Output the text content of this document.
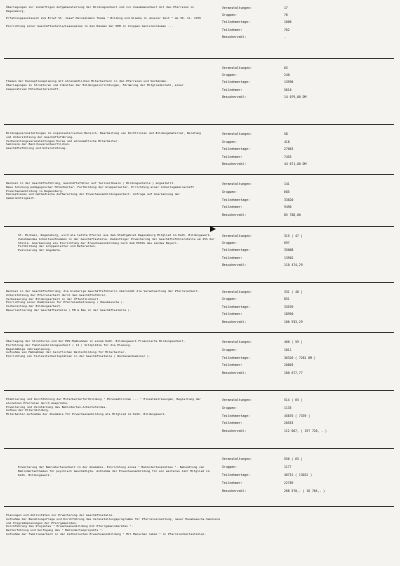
Überlegungen zur zukünftigen Aufgabenstellung der Bildungsarbeit und zur Zusammenarbeit mit den Pfarreien in Regensburg.

Erfahrungsaustausch zum Brief St. Josef Heinzelmann Thema " Bildung und Glaube in unserer Zeit " am 30. 11. 1976

Einrichtung einer Geschäftsstelle/Lesesaales in den Räumen der KEB in Gruppen-Seniorenräumen ...
Veranstaltungen:	17
Gruppen:	76
Teilnehmertage:	1006
Teilnehmer:	762
Besucherzahl:	-
Themen der Konzeptionsplanung mit ehrenamtlichen Mitarbeitern in den Pfarreien und Verbänden.
Überlegungen zu Strukturen und Inhalten der Bildungseinrichtungen, Förderung der Mitgliederzahl, einer kooperativen Mitarbeiterschaft.
Veranstaltungen:	65
Gruppen:	240
Teilnehmertage:	13996
Teilnehmer:	5616
Besucherzahl:	14 079,00 DM
Bildungsveranstaltungen im organisatorischen Bereich. Bearbeitung von Richtlinien und Bildungsmaterial, Beratung und Unterstützung der Geschäftsführung.
Vorbereitungsveranstaltungen Kurse und ehrenamtliche Mitarbeiter.
Seminare der Bezirksverantwortlichen.
Geschäftsführung und Unterstützung.
Veranstaltungen:	58
Gruppen:	418
Teilnehmertage:	27063
Teilnehmer:	7455
Besucherzahl:	44 671,00 DM
Wechsel in der Geschäftsführung, Geschäftsführer auf Teilzeitbasis ( Bildungsstelle ) angestellt.
Neue Schulung pädagogischer Mitarbeiter. Fortbildung der Gruppenleiter. Errichtung einer Arbeitsgemeinschaft Erwachsenenbildung in Regensburg.
Konzeptionen und methodische Aufbereitung der Erwachsenenbildungsarbeit. Anfrage auf Anerkennung der Gemeinnützigkeit.
Veranstaltungen:	141
Gruppen:	685
Teilnehmertage:	33820
Teilnehmer:	9496
Besucherzahl:	85 788,00
St. Michael, Regensburg, wird als letzte Pfarrei aus dem Stadtgebiet Regensburg Mitglied im Kath. Bildungswerk. Zunehmendes Arbeitsaufkommen in der Geschäftsstelle. Demzufolge: Erweiterung der Geschäftsführerstelle um 25% der Stelle. Anerkennung als Einrichtung der Erwachsenenbildung nach dem EbFöG des Landes Bayern.
Fortbildung der Gruppenleiter und Referenten.
Evaluierung der Angebote.
Veranstaltungen:	315 ( 47 )
Gruppen:	697
Teilnehmertage:	35068
Teilnehmer:	13902
Besucherzahl:	110 474,29
Wechsel in der Geschäftsführung; die bisherige Geschäftsführerin übernimmt die Verantwortung der Pfarreiarbeit.
Unterstützung der Pfarreiarbeit durch den Geschäftsführer.
Verbesserung der Bildungsarbeit in der Öffentlichkeit.
Einrichtung einer Kommission für Pfarreienbetreuung ( Hausbesuche ).
Vorbereitung der Bildungsarbeit.
Neuorientierung der Geschäftsstelle ( EB & Bau in der Geschäftsstelle ).
Veranstaltungen:	331 ( 48 )
Gruppen:	851
Teilnehmertage:	33539
Teilnehmer:	18950
Besucherzahl:	106 933,29
Überlegung der Strukturen und der EDV-Maßnahmen in einem Kath. Bildungswerk Finanzierte Bildungsarbeit.
Einführung der Familienbildungsarbeit ( 14 ) Sitzplätze für die Planung.
Regelmäßige Jahresplanung.
Aufnahme von Maßnahmen der beruflichen Weiterbildung für Mitarbeiter.
Einrichtung von Teilzeitarbeitsplätzen in der Geschäftsstelle ( Wochenendseminar ).
Veranstaltungen:	460 ( 59 )
Gruppen:	1011
Teilnehmertage:	36320 ( 7281 DM )
Teilnehmer:	20803
Besucherzahl:	100 677,77
Etablierung und Durchführung der Mitarbeiterfortbildung " Ehrenamtlichen ... " Einzelbetreuungen, Begleitung der einzelnen Pfarreien durch Gespräche.
Erweiterung und Verstärkung des Behinderten-Arbeitsfeldes.
Aufbau der Elternbildung.
Mitarbeiter-Aufnahme der Akademie für Erwachsenenbildung als Mitglied im Kath. Bildungswerk.
Veranstaltungen:	514 ( 65 )
Gruppen:	1135
Teilnehmertage:	45876 ( 7339 )
Teilnehmer:	20553
Besucherzahl:	112 667, ( 197 726, - )
Erweiterung der Behindertenarbeit in der Akademie. Einrichtung eines " Behindertenplatzes ". Behandlung von Behindertenthemen für psychisch Geschädigte. Aufnahme der Erwachsenenbildung für ein weiteres Jahr Mitglied im Kath. Bildungswerk.
Veranstaltungen:	556 ( 65 )
Gruppen:	1177
Teilnehmertage:	46751 ( 13022 )
Teilnehmer:	22789
Besucherzahl:	268 570,- ( 18 764,- )
Planungen und Aktivitäten zur Erweiterung der Geschäftsstelle.
Aufnahme der Bezahlungsfrage und Durchführung des Veranstaltungsprogramms für Pfarreiverwaltung, neuer Hausbesuchs-Seminare und Programmplanungen der Pfarrgemeinden.
Durchführung des Projektes " Erwachsenenbildung mit Pfarrgemeinderäten ".
Weiterführung und Verfügung des " Behindertenprojekts ".
Aufnahme der Familienarbeit in der katholischen Erwachsenenbildung " Mit Menschen leben " in Pfarreiarbeitsstellen.
